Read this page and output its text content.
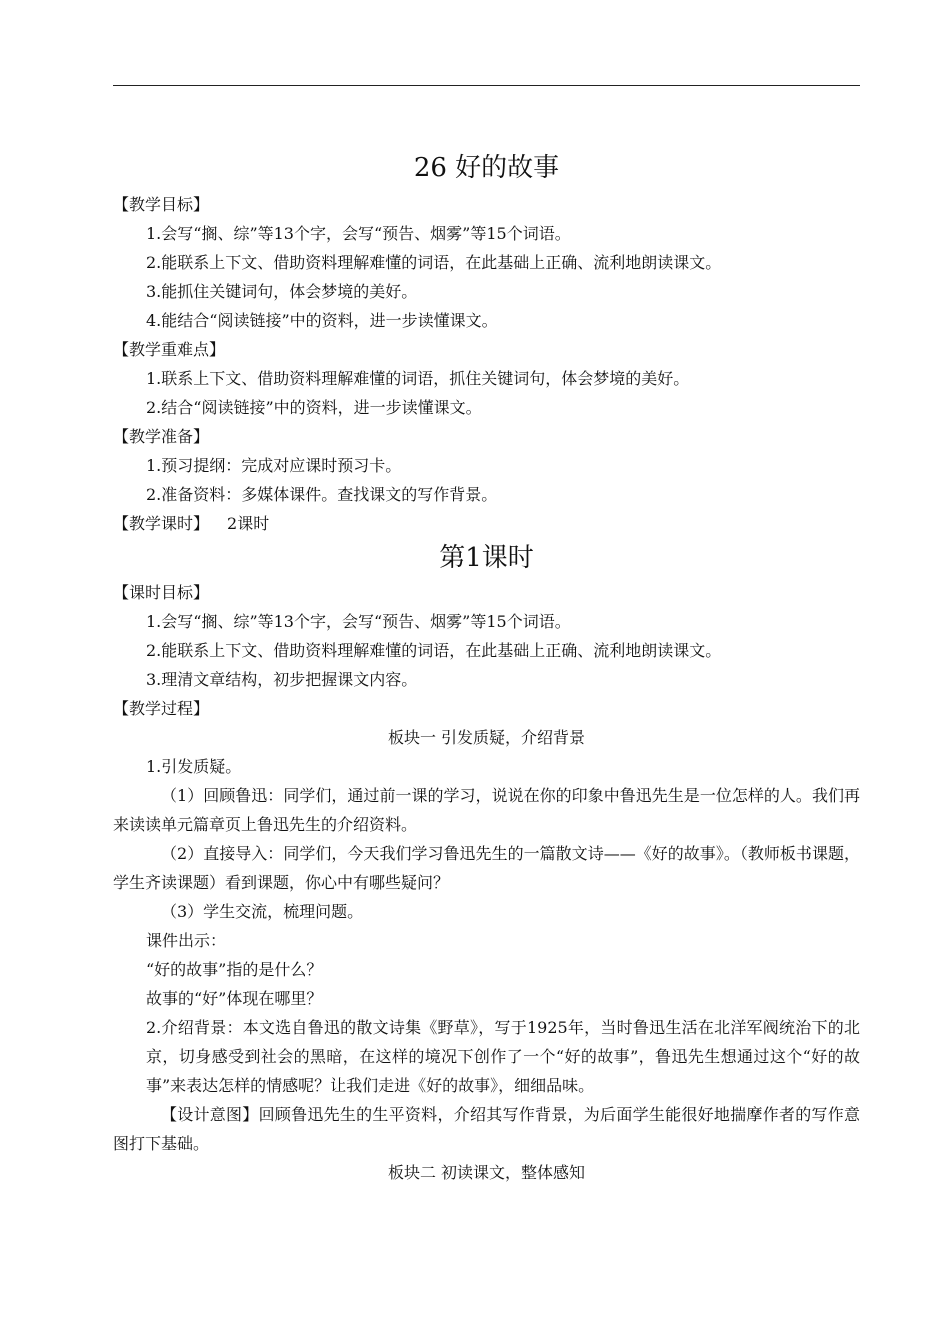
26 好的故事

【教学目标】

1.会写“搁、综”等13个字，会写“预告、烟雾”等15个词语。

2.能联系上下文、借助资料理解难懂的词语，在此基础上正确、流利地朗读课文。

3.能抓住关键词句，体会梦境的美好。

4.能结合“阅读链接”中的资料，进一步读懂课文。

【教学重难点】

1.联系上下文、借助资料理解难懂的词语，抓住关键词句，体会梦境的美好。

2.结合“阅读链接”中的资料，进一步读懂课文。

【教学准备】

1.预习提纲：完成对应课时预习卡。

2.准备资料：多媒体课件。查找课文的写作背景。

【教学课时】 2课时

第1课时

【课时目标】

1.会写“搁、综”等13个字，会写“预告、烟雾”等15个词语。

2.能联系上下文、借助资料理解难懂的词语，在此基础上正确、流利地朗读课文。

3.理清文章结构，初步把握课文内容。

【教学过程】

板块一 引发质疑，介绍背景

1.引发质疑。

（1）回顾鲁迅：同学们，通过前一课的学习，说说在你的印象中鲁迅先生是一位怎样的人。我们再来读读单元篇章页上鲁迅先生的介绍资料。

（2）直接导入：同学们，今天我们学习鲁迅先生的一篇散文诗——《好的故事》。（教师板书课题，学生齐读课题）看到课题，你心中有哪些疑问？

（3）学生交流，梳理问题。

课件出示：

“好的故事”指的是什么？

故事的“好”体现在哪里？

2.介绍背景：本文选自鲁迅的散文诗集《野草》，写于1925年，当时鲁迅生活在北洋军阀统治下的北京，切身感受到社会的黑暗，在这样的境况下创作了一个“好的故事”，鲁迅先生想通过这个“好的故事”来表达怎样的情感呢？让我们走进《好的故事》，细细品味。

【设计意图】回顾鲁迅先生的生平资料，介绍其写作背景，为后面学生能很好地揣摩作者的写作意图打下基础。

板块二 初读课文，整体感知
